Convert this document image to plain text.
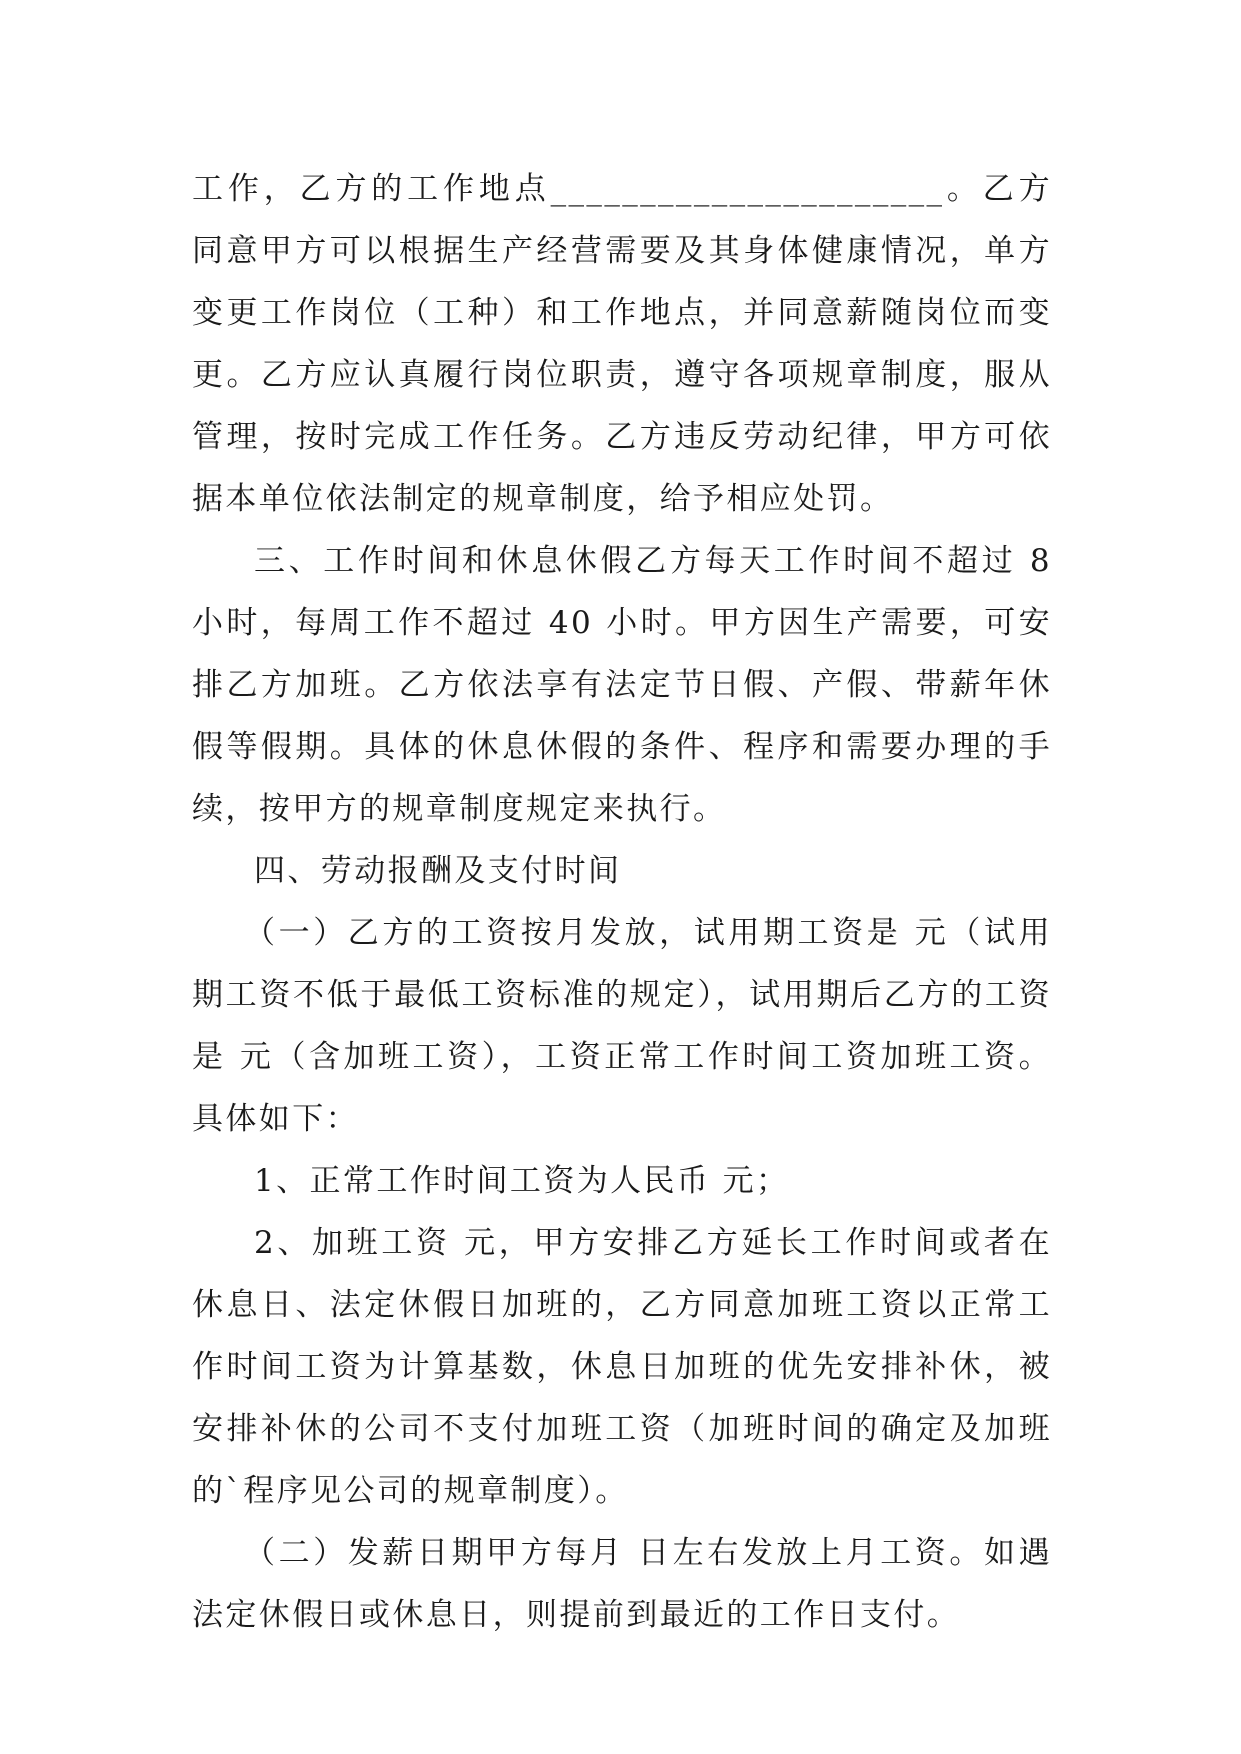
工作，乙方的工作地点______________________。乙方同意甲方可以根据生产经营需要及其身体健康情况，单方变更工作岗位（工种）和工作地点，并同意薪随岗位而变更。乙方应认真履行岗位职责，遵守各项规章制度，服从管理，按时完成工作任务。乙方违反劳动纪律，甲方可依据本单位依法制定的规章制度，给予相应处罚。

三、工作时间和休息休假乙方每天工作时间不超过 8 小时，每周工作不超过 40 小时。甲方因生产需要，可安排乙方加班。乙方依法享有法定节日假、产假、带薪年休假等假期。具体的休息休假的条件、程序和需要办理的手续，按甲方的规章制度规定来执行。

四、劳动报酬及支付时间

（一）乙方的工资按月发放，试用期工资是 元（试用期工资不低于最低工资标准的规定），试用期后乙方的工资是 元（含加班工资），工资正常工作时间工资加班工资。具体如下：

1、正常工作时间工资为人民币 元；

2、加班工资 元，甲方安排乙方延长工作时间或者在休息日、法定休假日加班的，乙方同意加班工资以正常工作时间工资为计算基数，休息日加班的优先安排补休，被安排补休的公司不支付加班工资（加班时间的确定及加班的`程序见公司的规章制度）。

（二）发薪日期甲方每月 日左右发放上月工资。如遇法定休假日或休息日，则提前到最近的工作日支付。
